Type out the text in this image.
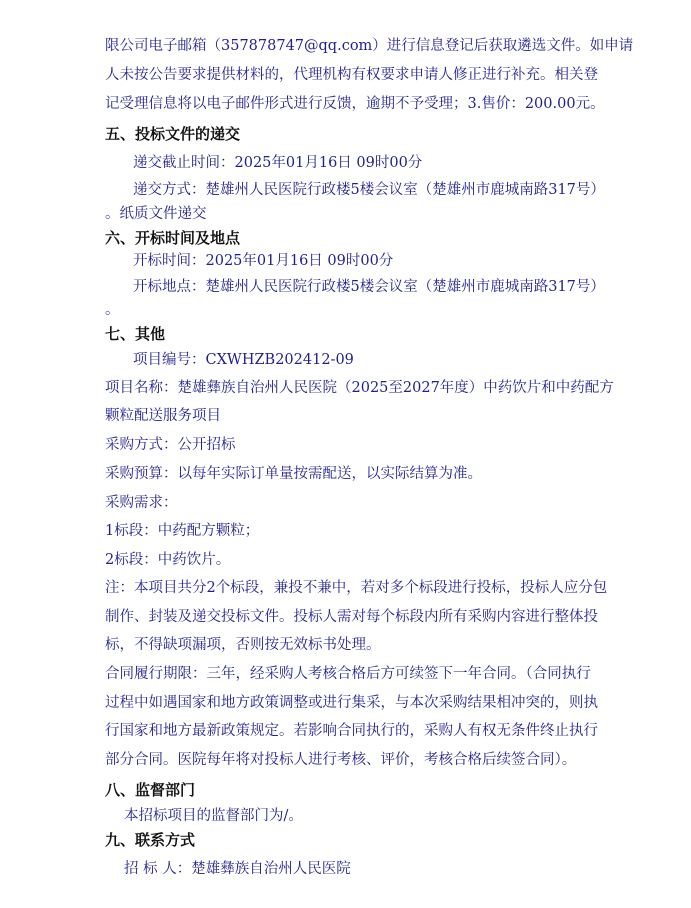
限公司电子邮箱（357878747@qq.com）进行信息登记后获取遴选文件。如申请
人未按公告要求提供材料的，代理机构有权要求申请人修正进行补充。相关登
记受理信息将以电子邮件形式进行反馈，逾期不予受理；3.售价：200.00元。
五、投标文件的递交
递交截止时间：2025年01月16日 09时00分
递交方式：楚雄州人民医院行政楼5楼会议室（楚雄州市鹿城南路317号）
。纸质文件递交
六、开标时间及地点
开标时间：2025年01月16日 09时00分
开标地点：楚雄州人民医院行政楼5楼会议室（楚雄州市鹿城南路317号）
。
七、其他
项目编号：CXWHZB202412-09
项目名称：楚雄彝族自治州人民医院（2025至2027年度）中药饮片和中药配方
颗粒配送服务项目
采购方式：公开招标
采购预算：以每年实际订单量按需配送，以实际结算为准。
采购需求：
1标段：中药配方颗粒；
2标段：中药饮片。
注：本项目共分2个标段，兼投不兼中，若对多个标段进行投标，投标人应分包
制作、封装及递交投标文件。投标人需对每个标段内所有采购内容进行整体投
标，不得缺项漏项，否则按无效标书处理。
合同履行期限：三年，经采购人考核合格后方可续签下一年合同。（合同执行
过程中如遇国家和地方政策调整或进行集采，与本次采购结果相冲突的，则执
行国家和地方最新政策规定。若影响合同执行的，采购人有权无条件终止执行
部分合同。医院每年将对投标人进行考核、评价，考核合格后续签合同）。
八、监督部门
本招标项目的监督部门为/。
九、联系方式
招 标 人：楚雄彝族自治州人民医院
